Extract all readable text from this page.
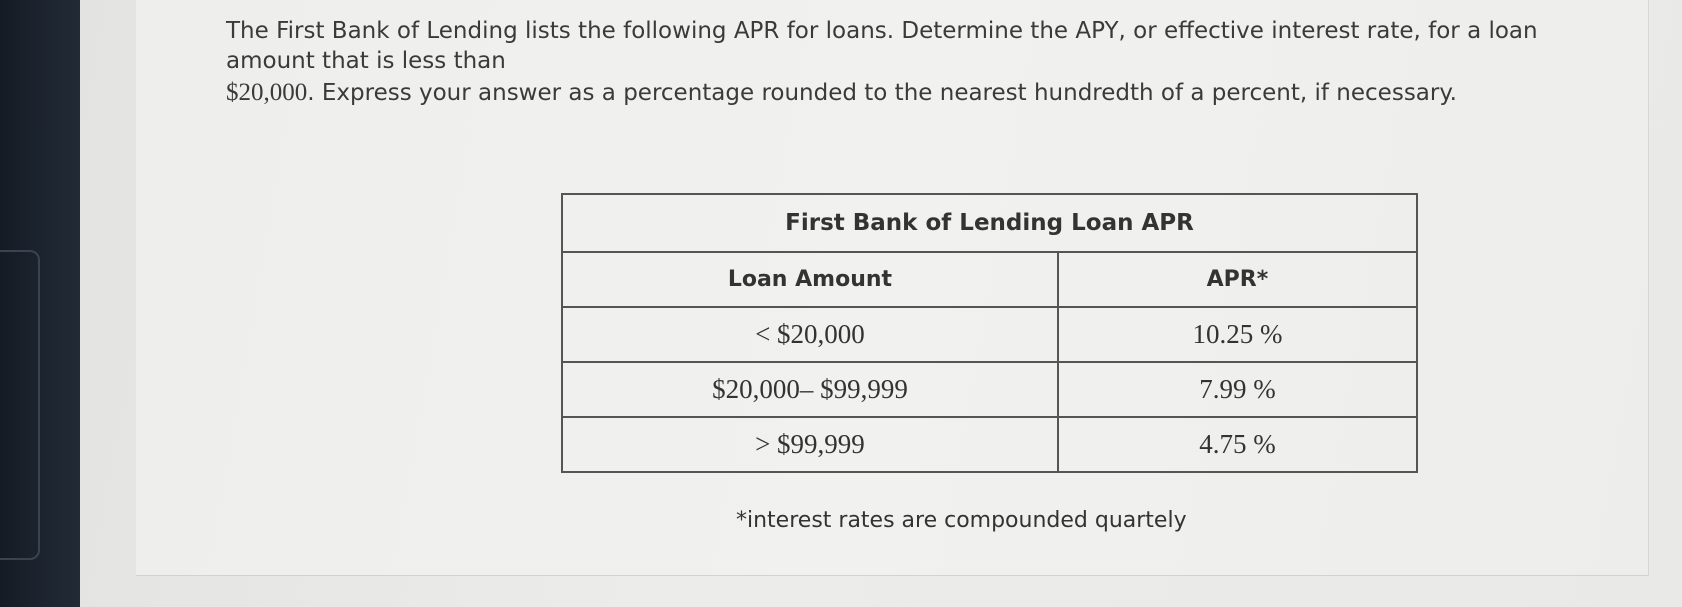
The First Bank of Lending lists the following APR for loans. Determine the APY, or effective interest rate, for a loan
amount that is less than
$20,000. Express your answer as a percentage rounded to the nearest hundredth of a percent, if necessary.
First Bank of Lending Loan APR	
Loan Amount	APR*
< $20,000	10.25 %
$20,000– $99,999	7.99 %
> $99,999	4.75 %
*interest rates are compounded quartely
